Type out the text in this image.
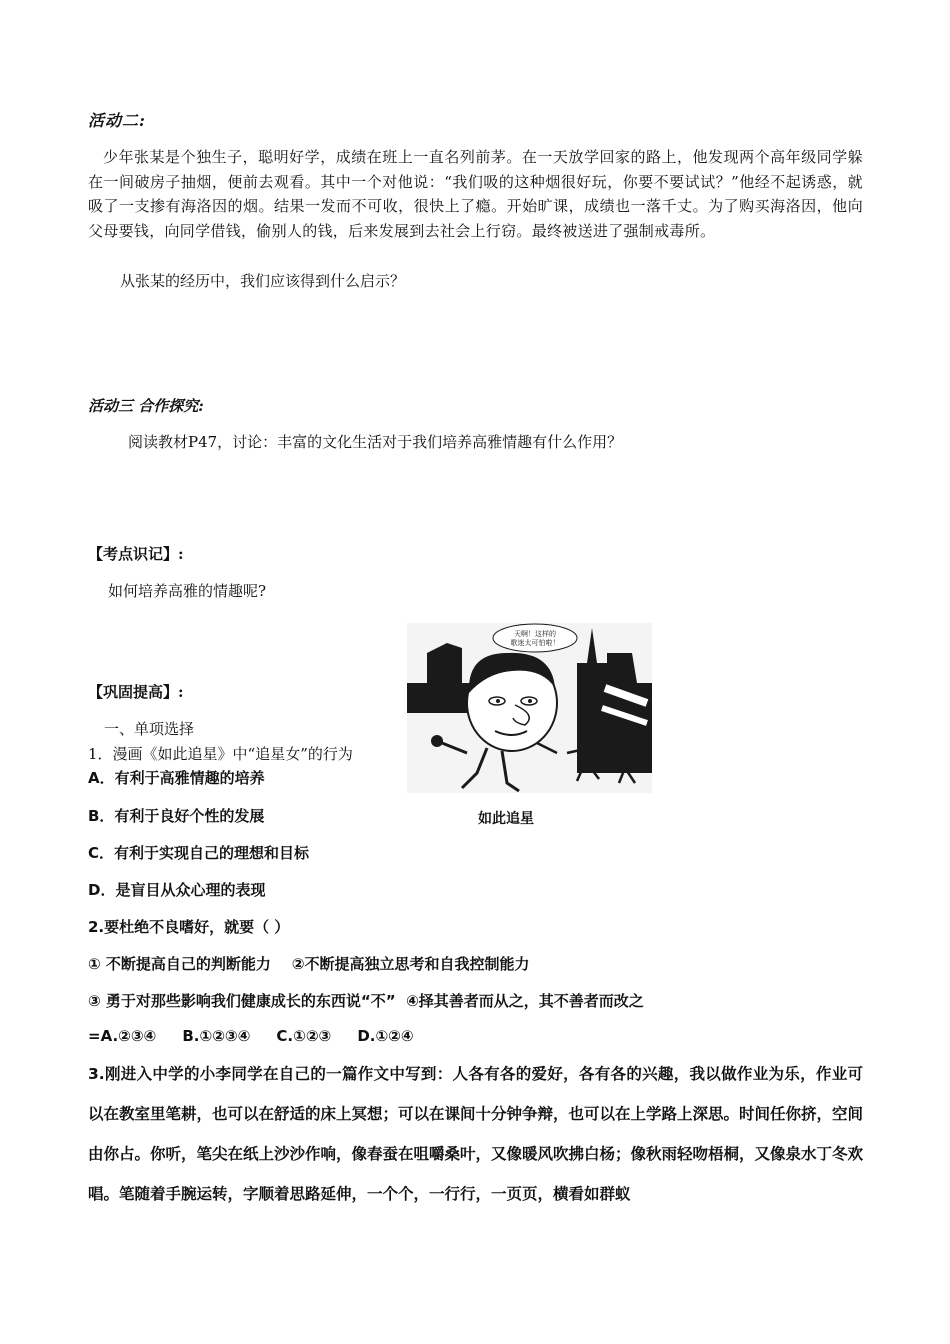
活动二:

少年张某是个独生子，聪明好学，成绩在班上一直名列前茅。在一天放学回家的路上，他发现两个高年级同学躲在一间破房子抽烟，便前去观看。其中一个对他说：“我们吸的这种烟很好玩，你要不要试试？”他经不起诱惑，就吸了一支掺有海洛因的烟。结果一发而不可收，很快上了瘾。开始旷课，成绩也一落千丈。为了购买海洛因，他向父母要钱，向同学借钱，偷别人的钱，后来发展到去社会上行窃。最终被送进了强制戒毒所。

从张某的经历中，我们应该得到什么启示？
活动三 合作探究:
阅读教材P47，讨论：丰富的文化生活对于我们培养高雅情趣有什么作用？
【考点识记】:
如何培养高雅的情趣呢?
天啊！这样的
歌迷太可怕啦！
如此追星
【巩固提高】:
一、单项选择
1．漫画《如此追星》中“追星女”的行为
A．有利于高雅情趣的培养
B．有利于良好个性的发展
C．有利于实现自己的理想和目标
D．是盲目从众心理的表现
2.要杜绝不良嗜好，就要（ ）
① 不断提高自己的判断能力    ②不断提高独立思考和自我控制能力
③ 勇于对那些影响我们健康成长的东西说“不”  ④择其善者而从之，其不善者而改之
=A.②③④     B.①②③④     C.①②③     D.①②④
3.刚进入中学的小李同学在自己的一篇作文中写到：人各有各的爱好，各有各的兴趣，我以做作业为乐，作业可以在教室里笔耕，也可以在舒适的床上冥想；可以在课间十分钟争辩，也可以在上学路上深思。时间任你挤，空间由你占。你听，笔尖在纸上沙沙作响，像春蚕在咀嚼桑叶，又像暖风吹拂白杨；像秋雨轻吻梧桐，又像泉水丁冬欢唱。笔随着手腕运转，字顺着思路延伸，一个个，一行行，一页页，横看如群蚁
